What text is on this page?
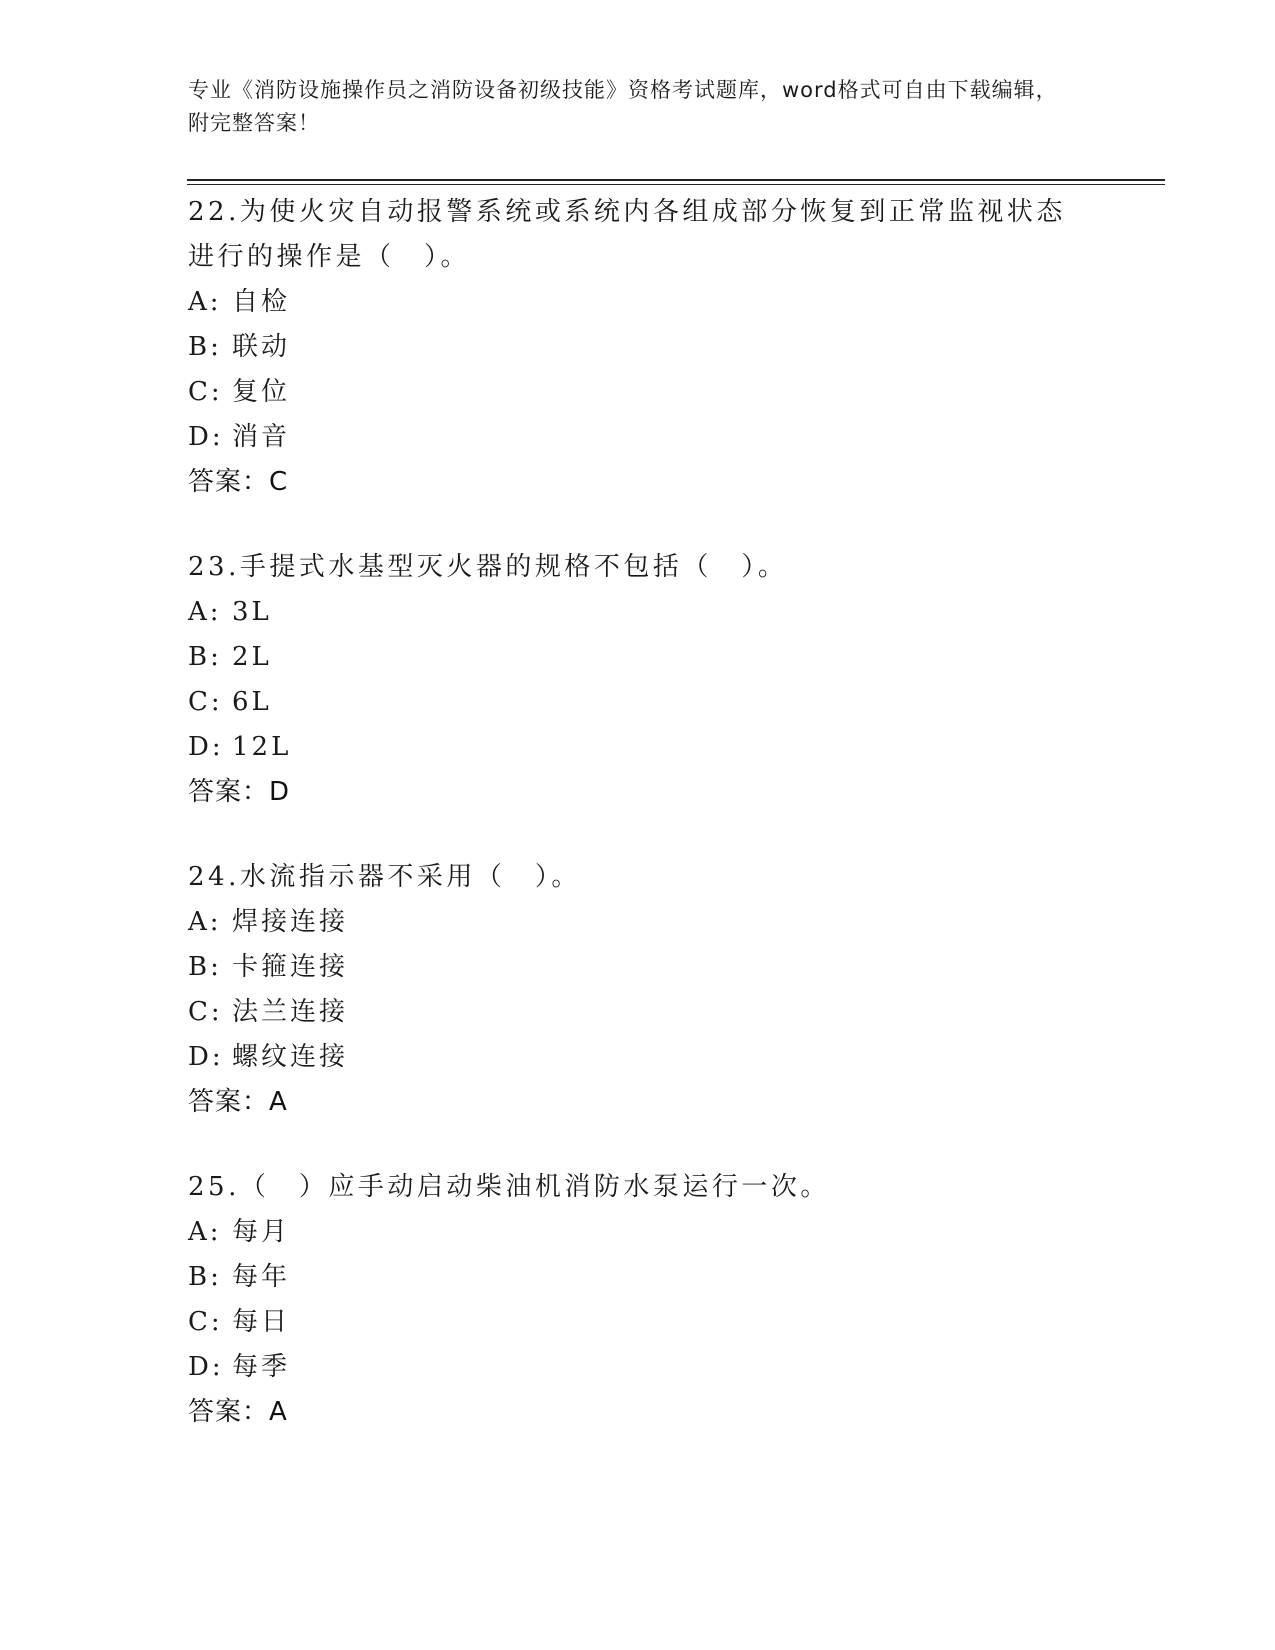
专业《消防设施操作员之消防设备初级技能》资格考试题库，word格式可自由下载编辑，附完整答案！

22.为使火灾自动报警系统或系统内各组成部分恢复到正常监视状态进行的操作是（　）。

A: 自检
B: 联动
C: 复位
D: 消音
答案：C

23.手提式水基型灭火器的规格不包括（　）。

A: 3L
B: 2L
C: 6L
D: 12L
答案：D

24.水流指示器不采用（　）。

A: 焊接连接
B: 卡箍连接
C: 法兰连接
D: 螺纹连接
答案：A

25.（　）应手动启动柴油机消防水泵运行一次。

A: 每月
B: 每年
C: 每日
D: 每季
答案：A
